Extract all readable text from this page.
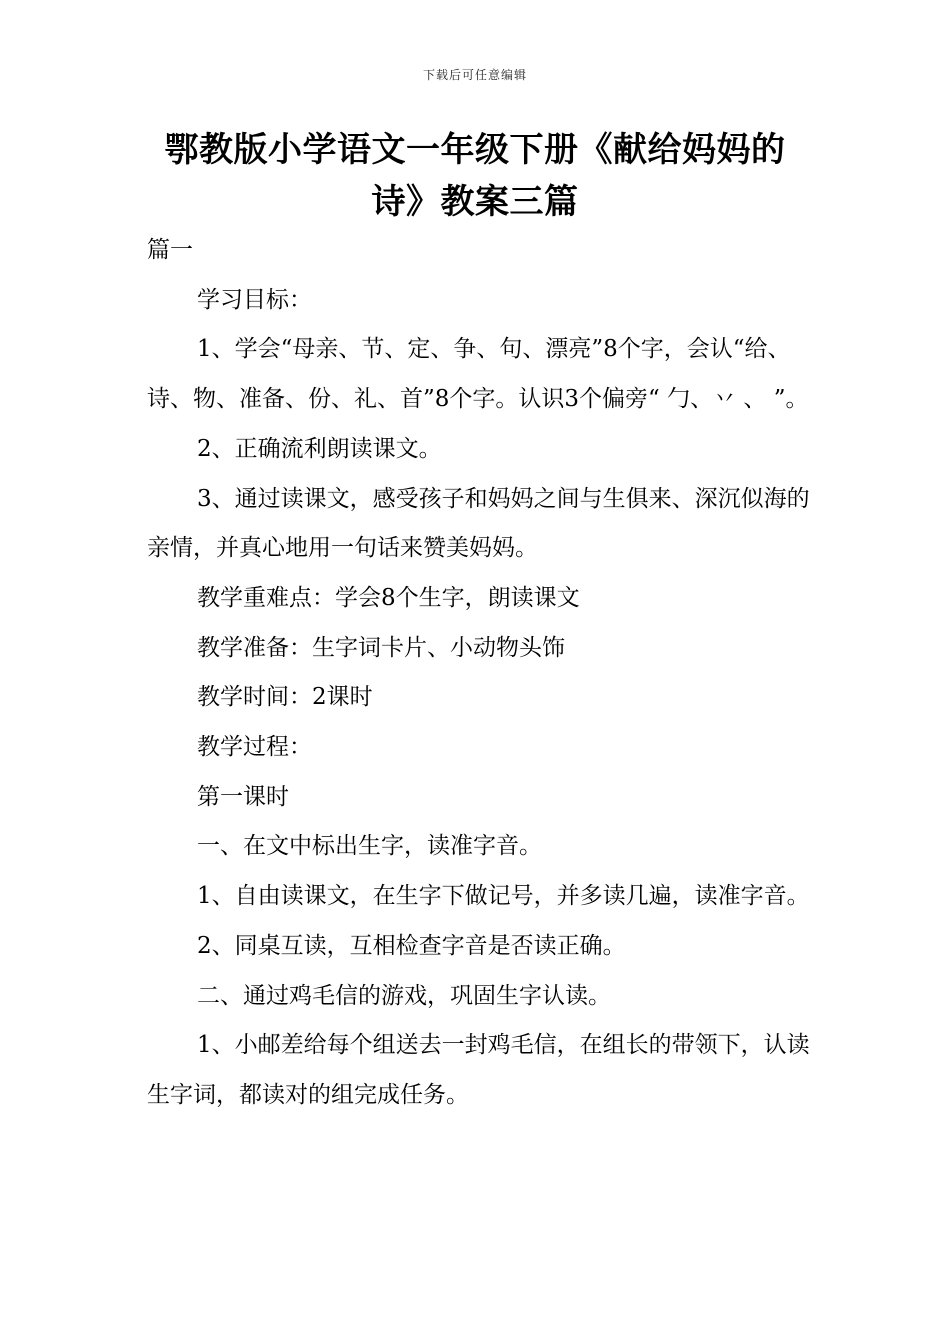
下载后可任意编辑
鄂教版小学语文一年级下册《献给妈妈的
诗》教案三篇

篇一

学习目标：

1、学会“母亲、节、定、争、句、漂亮”8个字，会认“给、诗、物、准备、份、礼、首”8个字。认识3个偏旁“ 勹、丷 、 ”。

2、正确流利朗读课文。

3、通过读课文，感受孩子和妈妈之间与生俱来、深沉似海的亲情，并真心地用一句话来赞美妈妈。

教学重难点：学会8个生字，朗读课文

教学准备：生字词卡片、小动物头饰

教学时间：2课时

教学过程：

第一课时

一、在文中标出生字，读准字音。

1、自由读课文，在生字下做记号，并多读几遍，读准字音。

2、同桌互读，互相检查字音是否读正确。

二、通过鸡毛信的游戏，巩固生字认读。

1、小邮差给每个组送去一封鸡毛信，在组长的带领下，认读生字词，都读对的组完成任务。
